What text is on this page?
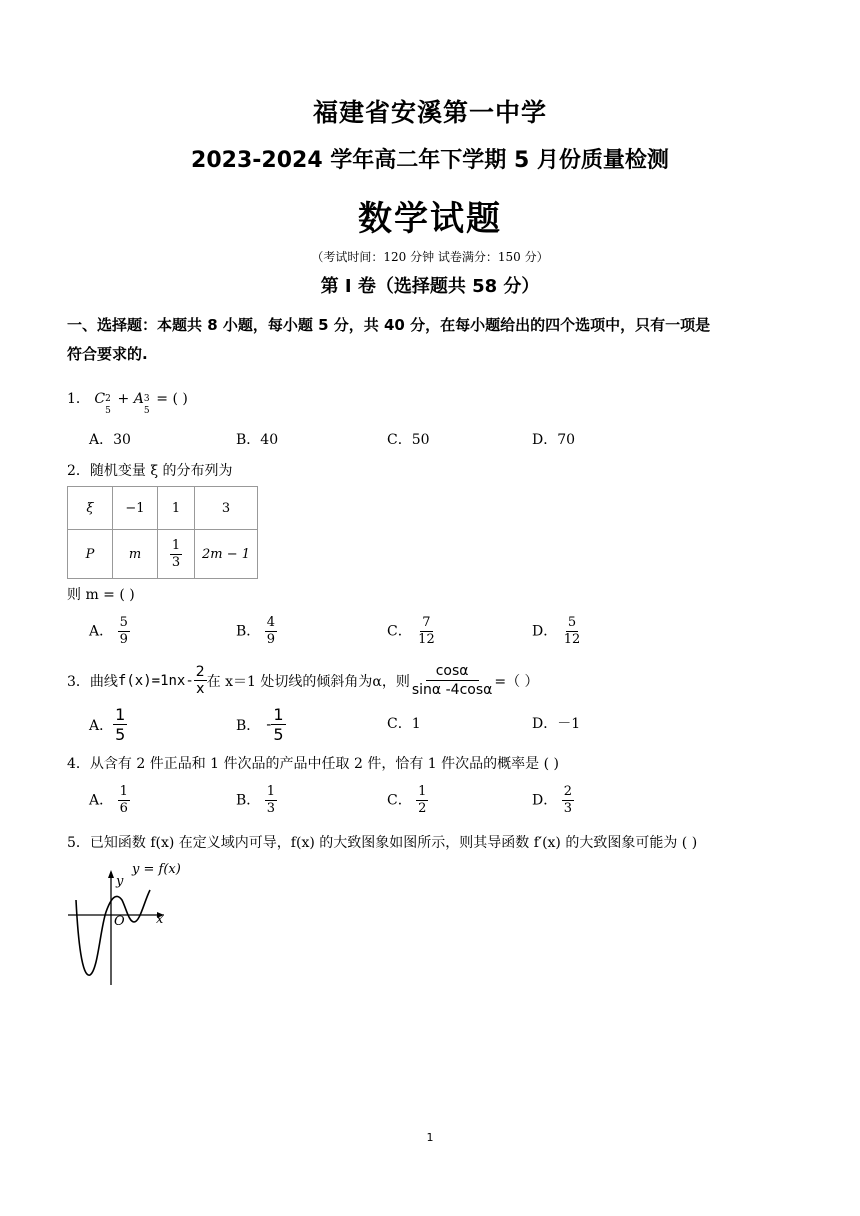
福建省安溪第一中学
2023-2024 学年高二年下学期 5 月份质量检测
数学试题
（考试时间：120 分钟 试卷满分：150 分）
第 I 卷（选择题共 58 分）
一、选择题：本题共 8 小题，每小题 5 分，共 40 分，在每小题给出的四个选项中，只有一项是
符合要求的.
1． C 2
5
+ A 3
5
= ( )
A．30	B．40	C．50	D．70
2．随机变量 ξ 的分布列为
ξ	−1	1	3
P	m	$\frac{1}{3}$	2m − 1
则 m = ( )
A． $\frac{5}{9}$	B． $\frac{4}{9}$	C． $\frac{7}{12}$	D． $\frac{5}{12}$
3．曲线 $f(x)=1nx- \frac{2}{x}$ 在 x＝1 处切线的倾斜角为α，则 $\frac{\cos\alpha}{\sin\alpha -4\cos\alpha}$ =（ ）
A． $\frac{1}{5}$	B． - $\frac{1}{5}$	C．1	D．－1
4．从含有 2 件正品和 1 件次品的产品中任取 2 件，恰有 1 件次品的概率是 ( )
A． $\frac{1}{6}$	B． $\frac{1}{3}$	C． $\frac{1}{2}$	D． $\frac{2}{3}$
5．已知函数 f(x) 在定义域内可导，f(x) 的大致图象如图所示，则其导函数 f′(x) 的大致图象可能为 ( )
y = f(x)
y
x
O
1
